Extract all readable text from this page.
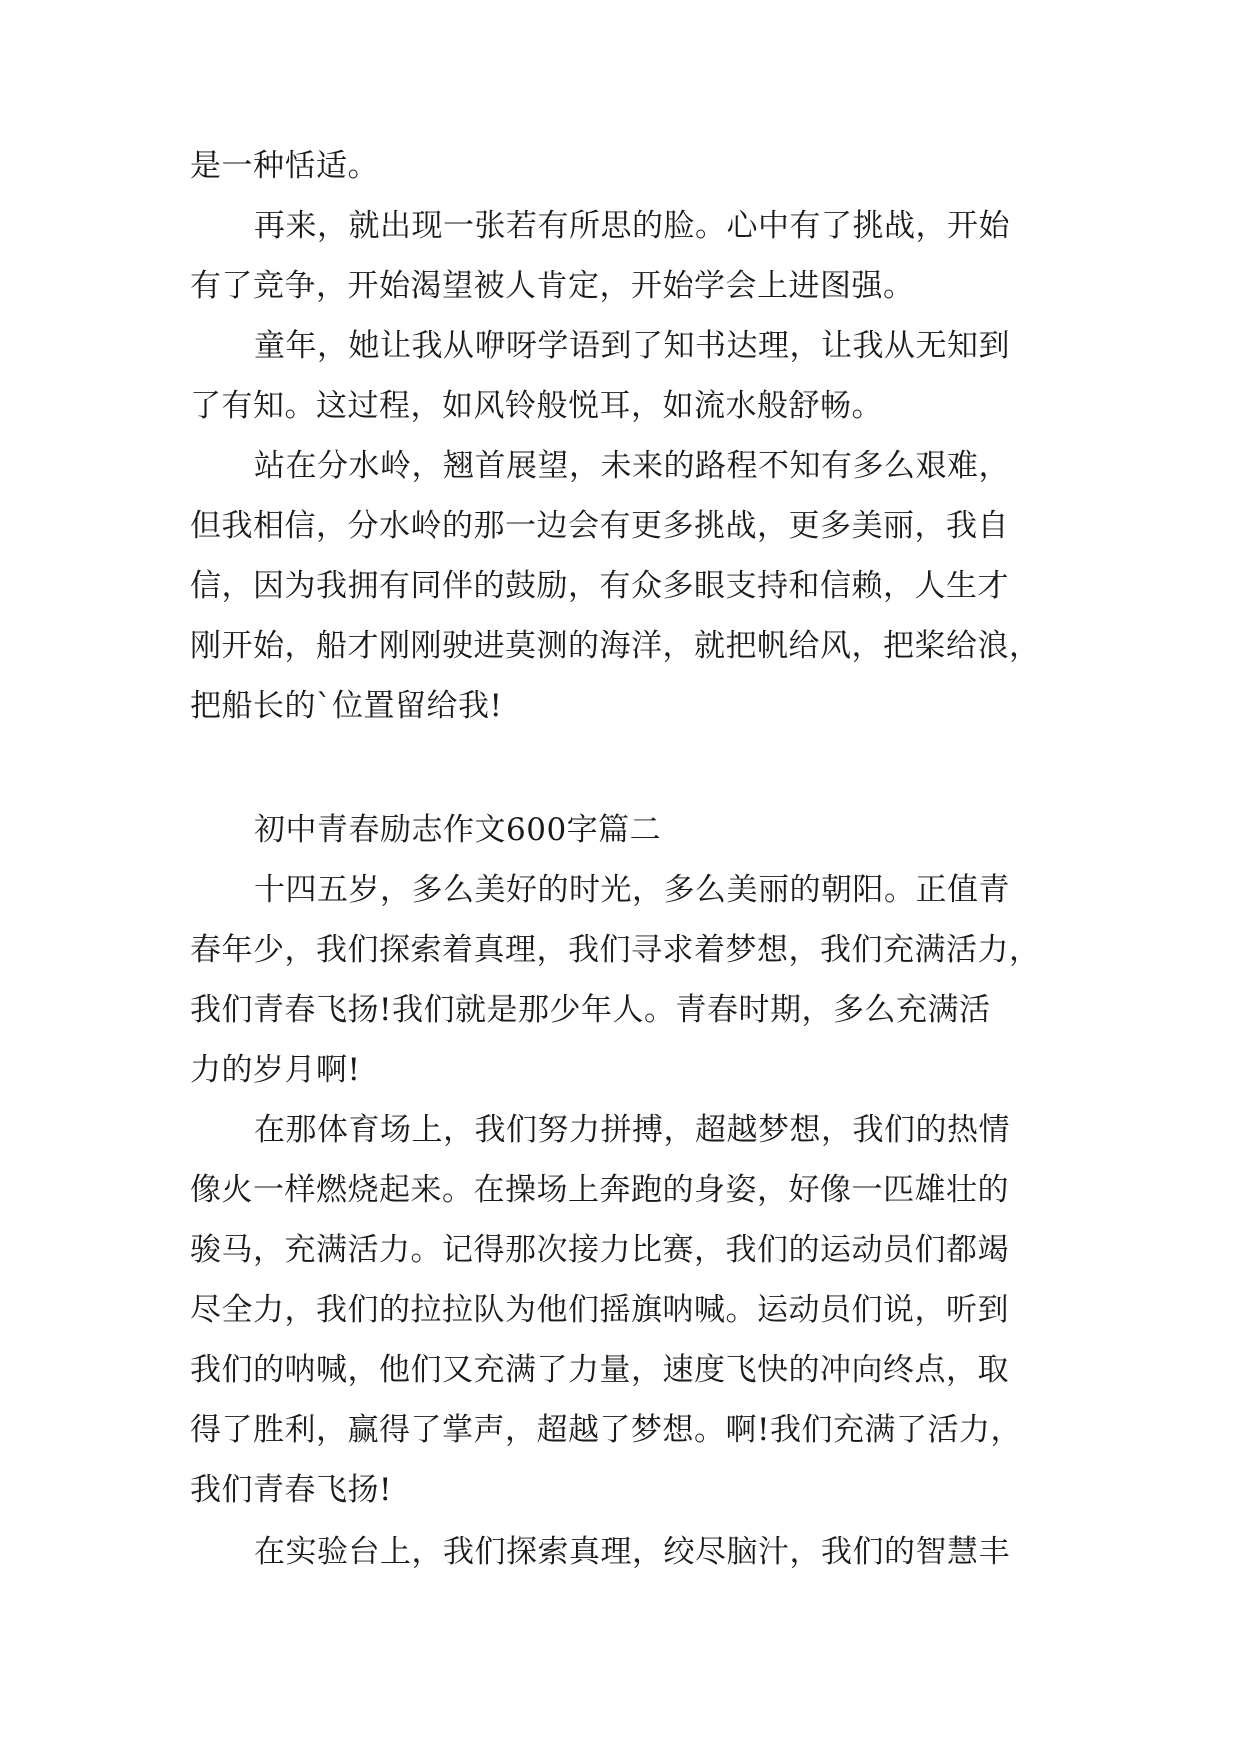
是一种恬适。
再来，就出现一张若有所思的脸。心中有了挑战，开始
有了竞争，开始渴望被人肯定，开始学会上进图强。
童年，她让我从咿呀学语到了知书达理，让我从无知到
了有知。这过程，如风铃般悦耳，如流水般舒畅。
站在分水岭，翘首展望，未来的路程不知有多么艰难，
但我相信，分水岭的那一边会有更多挑战，更多美丽，我自
信，因为我拥有同伴的鼓励，有众多眼支持和信赖，人生才
刚开始，船才刚刚驶进莫测的海洋，就把帆给风，把桨给浪，
把船长的`位置留给我!
初中青春励志作文600字篇二
十四五岁，多么美好的时光，多么美丽的朝阳。正值青
春年少，我们探索着真理，我们寻求着梦想，我们充满活力，
我们青春飞扬!我们就是那少年人。青春时期，多么充满活
力的岁月啊!
在那体育场上，我们努力拼搏，超越梦想，我们的热情
像火一样燃烧起来。在操场上奔跑的身姿，好像一匹雄壮的
骏马，充满活力。记得那次接力比赛，我们的运动员们都竭
尽全力，我们的拉拉队为他们摇旗呐喊。运动员们说，听到
我们的呐喊，他们又充满了力量，速度飞快的冲向终点，取
得了胜利，赢得了掌声，超越了梦想。啊!我们充满了活力，
我们青春飞扬!
在实验台上，我们探索真理，绞尽脑汁，我们的智慧丰
